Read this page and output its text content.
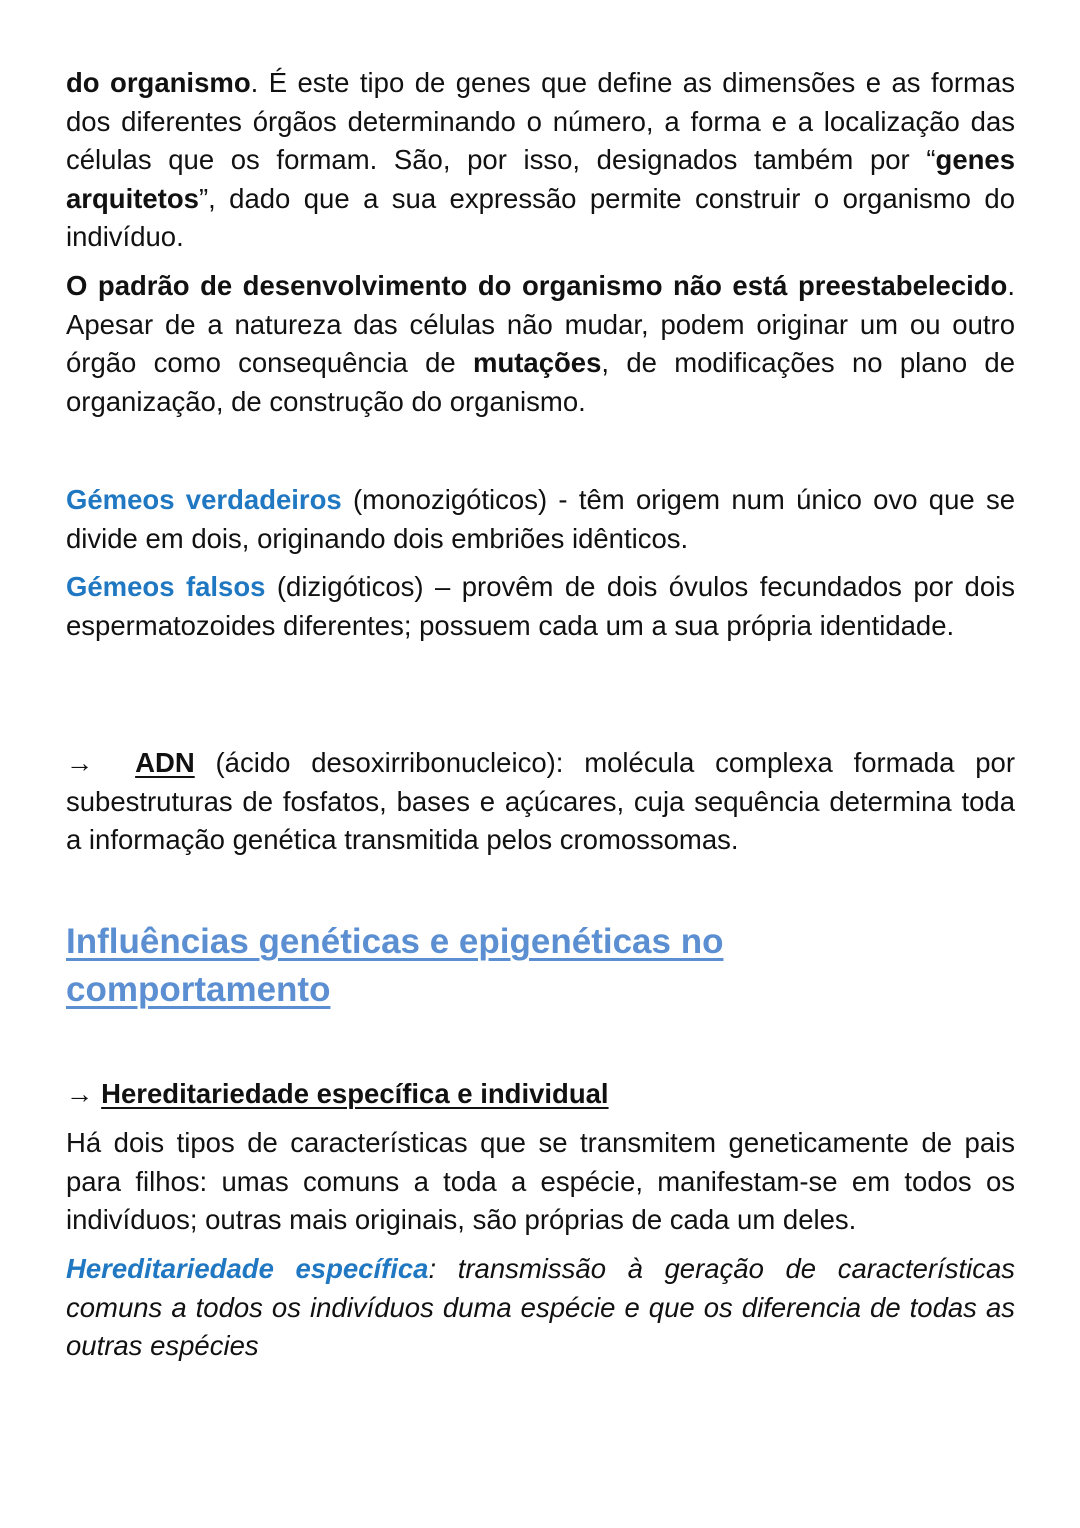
do organismo. É este tipo de genes que define as dimensões e as formas dos diferentes órgãos determinando o número, a forma e a localização das células que os formam. São, por isso, designados também por “genes arquitetos”, dado que a sua expressão permite construir o organismo do indivíduo.

O padrão de desenvolvimento do organismo não está preestabelecido. Apesar de a natureza das células não mudar, podem originar um ou outro órgão como consequência de mutações, de modificações no plano de organização, de construção do organismo.

Gémeos verdadeiros (monozigóticos) - têm origem num único ovo que se divide em dois, originando dois embriões idênticos.

Gémeos falsos (dizigóticos) – provêm de dois óvulos fecundados por dois espermatozoides diferentes; possuem cada um a sua própria identidade.

→ ADN (ácido desoxirribonucleico): molécula complexa formada por subestruturas de fosfatos, bases e açúcares, cuja sequência determina toda a informação genética transmitida pelos cromossomas.

Influências genéticas e epigenéticas no comportamento

→ Hereditariedade específica e individual

Há dois tipos de características que se transmitem geneticamente de pais para filhos: umas comuns a toda a espécie, manifestam-se em todos os indivíduos; outras mais originais, são próprias de cada um deles.

Hereditariedade específica: transmissão à geração de características comuns a todos os indivíduos duma espécie e que os diferencia de todas as outras espécies
